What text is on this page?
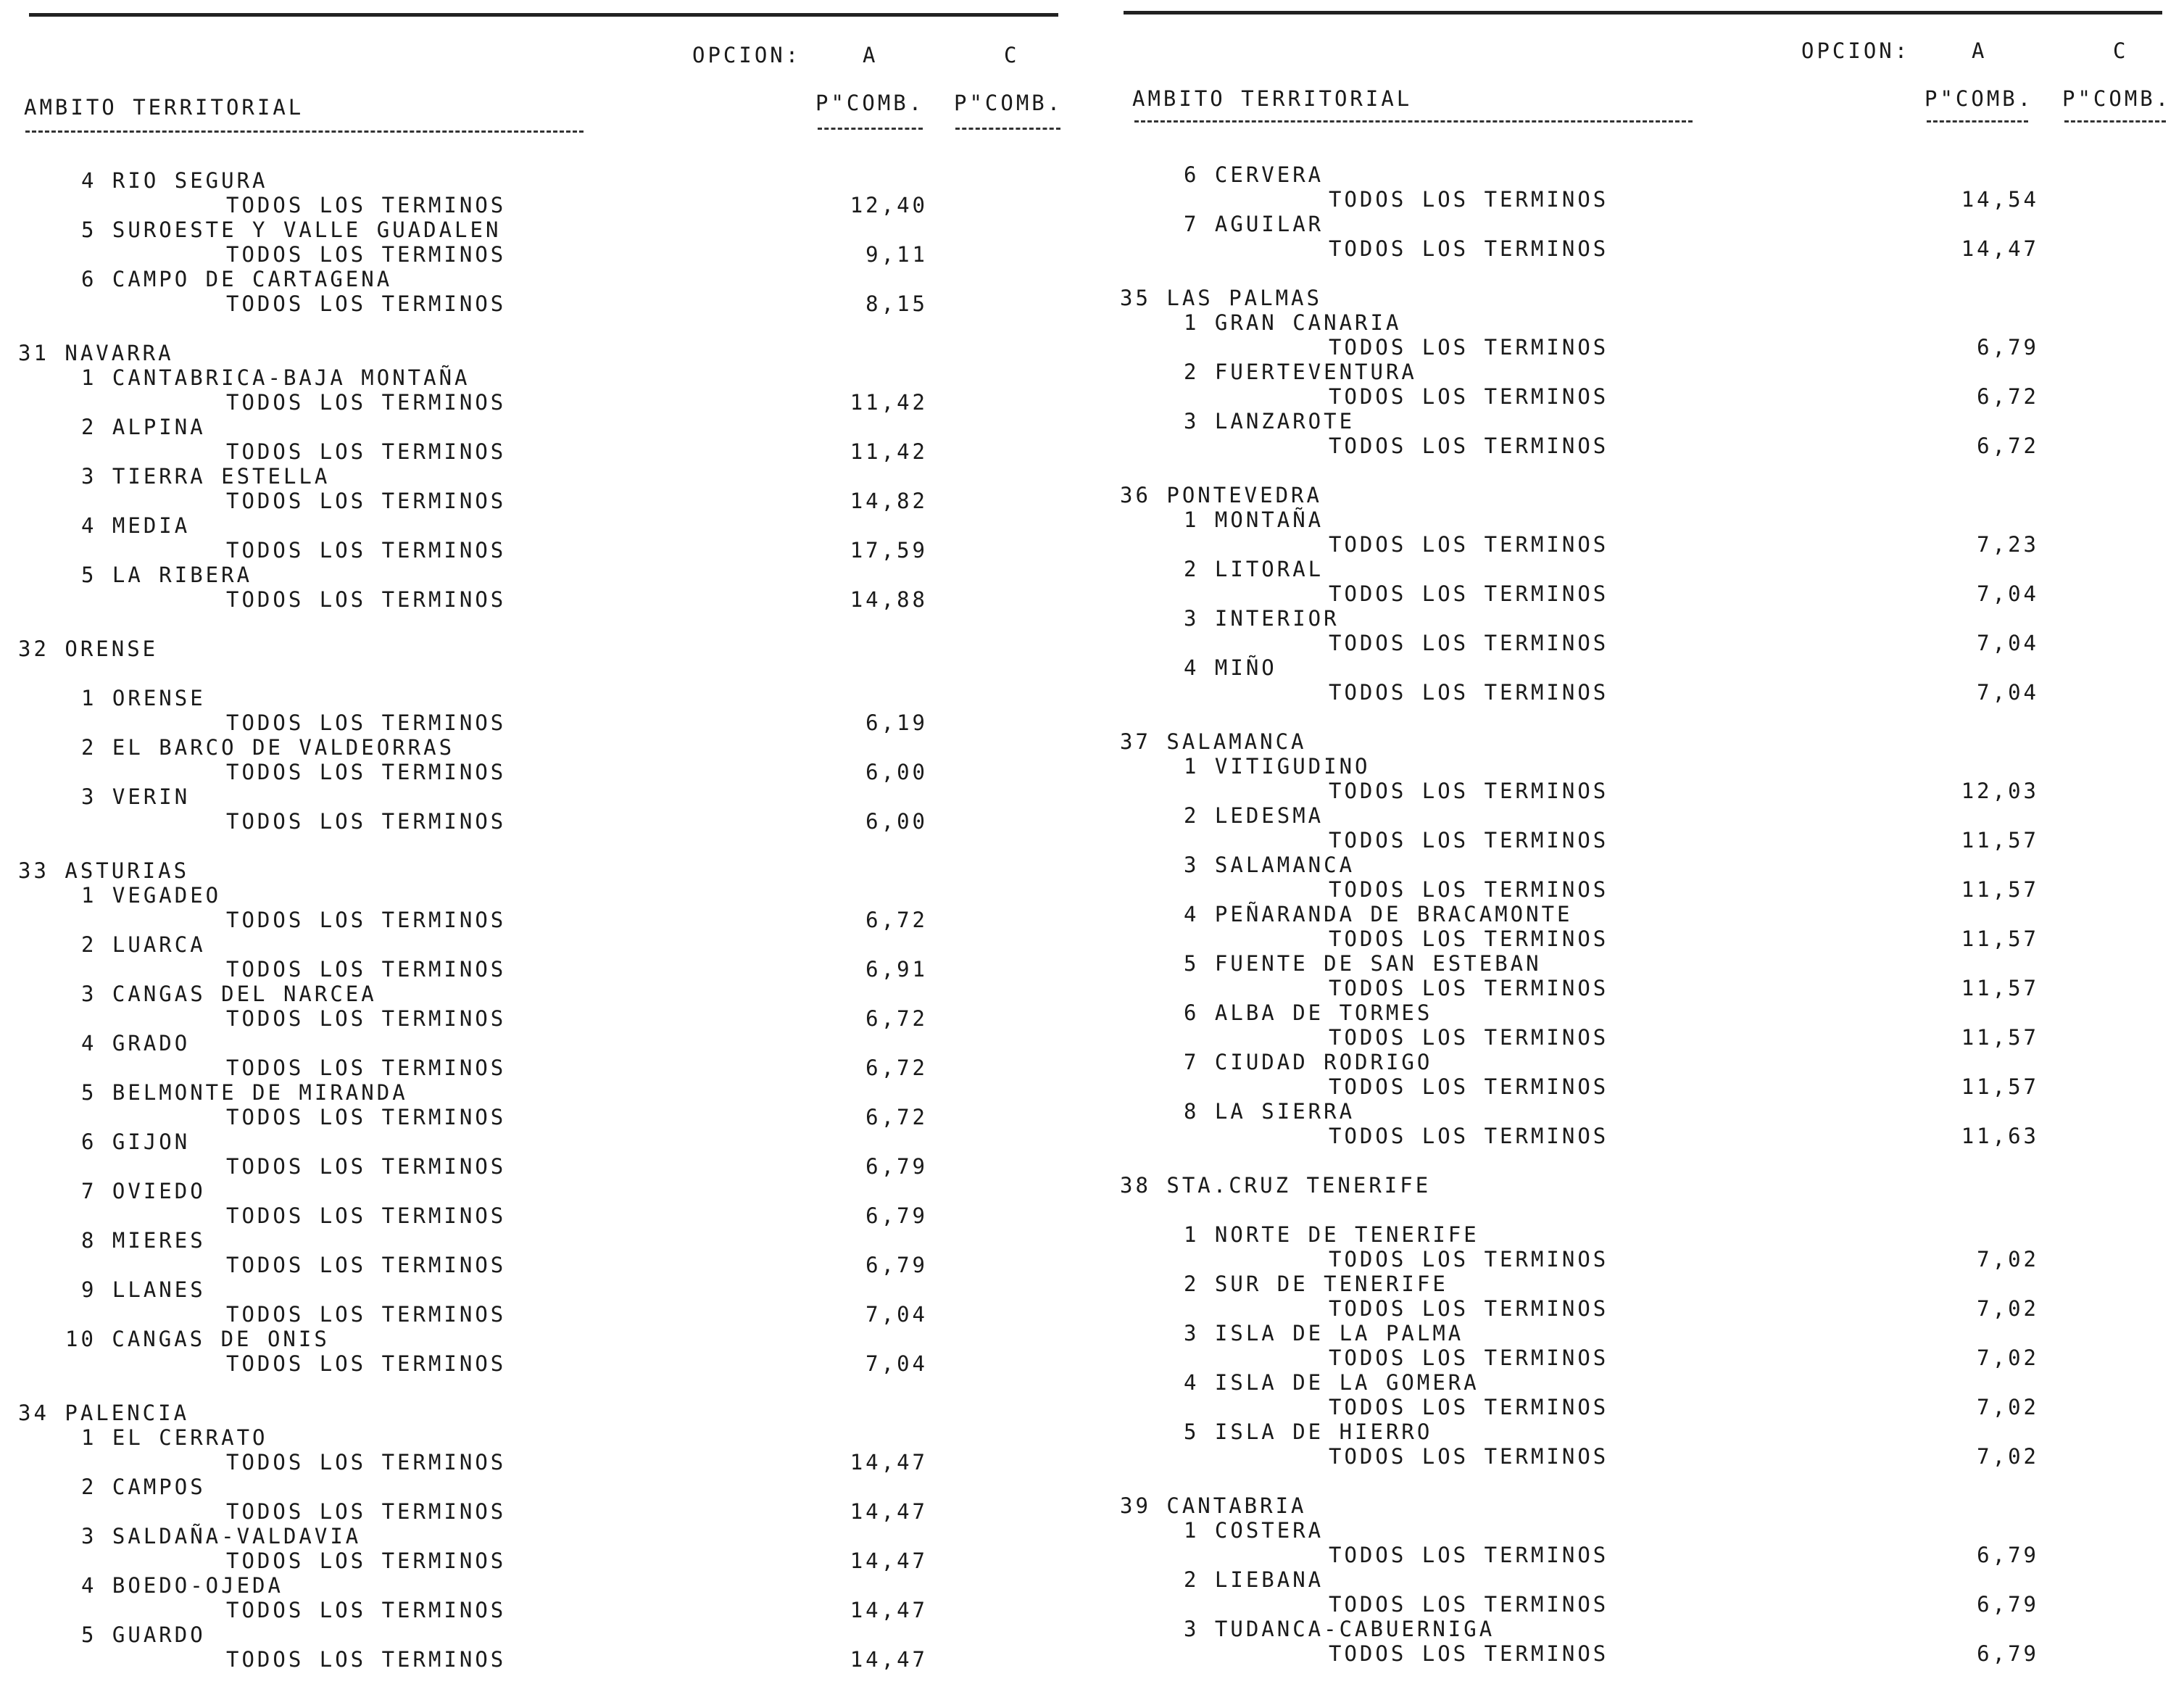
OPCION:	A	C
AMBITO TERRITORIAL	P"COMB. P"COMB.
4 RIO SEGURA
TODOS LOS TERMINOS	12,40
5 SUROESTE Y VALLE GUADALEN
TODOS LOS TERMINOS	9,11
6 CAMPO DE CARTAGENA
TODOS LOS TERMINOS	8,15
31 NAVARRA
1 CANTABRICA-BAJA MONTAÑA
TODOS LOS TERMINOS	11,42
2 ALPINA
TODOS LOS TERMINOS	11,42
3 TIERRA ESTELLA
TODOS LOS TERMINOS	14,82
4 MEDIA
TODOS LOS TERMINOS	17,59
5 LA RIBERA
TODOS LOS TERMINOS	14,88
32 ORENSE
1 ORENSE
TODOS LOS TERMINOS	6,19
2 EL BARCO DE VALDEORRAS
TODOS LOS TERMINOS	6,00
3 VERIN
TODOS LOS TERMINOS	6,00
33 ASTURIAS
1 VEGADEO
TODOS LOS TERMINOS	6,72
2 LUARCA
TODOS LOS TERMINOS	6,91
3 CANGAS DEL NARCEA
TODOS LOS TERMINOS	6,72
4 GRADO
TODOS LOS TERMINOS	6,72
5 BELMONTE DE MIRANDA
TODOS LOS TERMINOS	6,72
6 GIJON
TODOS LOS TERMINOS	6,79
7 OVIEDO
TODOS LOS TERMINOS	6,79
8 MIERES
TODOS LOS TERMINOS	6,79
9 LLANES
TODOS LOS TERMINOS	7,04
10 CANGAS DE ONIS
TODOS LOS TERMINOS	7,04
34 PALENCIA
1 EL CERRATO
TODOS LOS TERMINOS	14,47
2 CAMPOS
TODOS LOS TERMINOS	14,47
3 SALDAÑA-VALDAVIA
TODOS LOS TERMINOS	14,47
4 BOEDO-OJEDA
TODOS LOS TERMINOS	14,47
5 GUARDO
TODOS LOS TERMINOS	14,47
OPCION:	A	C
AMBITO TERRITORIAL	P"COMB. P"COMB.
6 CERVERA
TODOS LOS TERMINOS	14,54
7 AGUILAR
TODOS LOS TERMINOS	14,47
35 LAS PALMAS
1 GRAN CANARIA
TODOS LOS TERMINOS	6,79
2 FUERTEVENTURA
TODOS LOS TERMINOS	6,72
3 LANZAROTE
TODOS LOS TERMINOS	6,72
36 PONTEVEDRA
1 MONTAÑA
TODOS LOS TERMINOS	7,23
2 LITORAL
TODOS LOS TERMINOS	7,04
3 INTERIOR
TODOS LOS TERMINOS	7,04
4 MIÑO
TODOS LOS TERMINOS	7,04
37 SALAMANCA
1 VITIGUDINO
TODOS LOS TERMINOS	12,03
2 LEDESMA
TODOS LOS TERMINOS	11,57
3 SALAMANCA
TODOS LOS TERMINOS	11,57
4 PEÑARANDA DE BRACAMONTE
TODOS LOS TERMINOS	11,57
5 FUENTE DE SAN ESTEBAN
TODOS LOS TERMINOS	11,57
6 ALBA DE TORMES
TODOS LOS TERMINOS	11,57
7 CIUDAD RODRIGO
TODOS LOS TERMINOS	11,57
8 LA SIERRA
TODOS LOS TERMINOS	11,63
38 STA.CRUZ TENERIFE
1 NORTE DE TENERIFE
TODOS LOS TERMINOS	7,02
2 SUR DE TENERIFE
TODOS LOS TERMINOS	7,02
3 ISLA DE LA PALMA
TODOS LOS TERMINOS	7,02
4 ISLA DE LA GOMERA
TODOS LOS TERMINOS	7,02
5 ISLA DE HIERRO
TODOS LOS TERMINOS	7,02
39 CANTABRIA
1 COSTERA
TODOS LOS TERMINOS	6,79
2 LIEBANA
TODOS LOS TERMINOS	6,79
3 TUDANCA-CABUERNIGA
TODOS LOS TERMINOS	6,79
